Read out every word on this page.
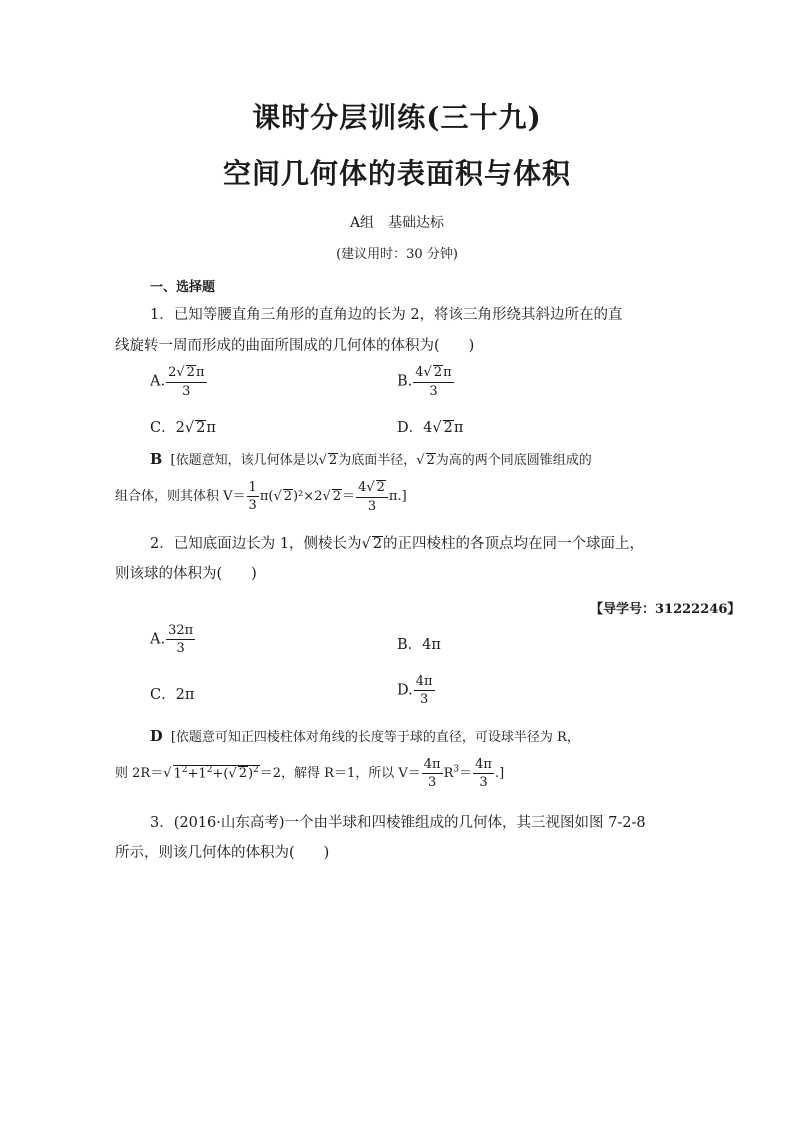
课时分层训练(三十九)
空间几何体的表面积与体积
A组　基础达标
(建议用时：30 分钟)
一、选择题
1．已知等腰直角三角形的直角边的长为 2，将该三角形绕其斜边所在的直
线旋转一周而形成的曲面所围成的几何体的体积为(　　)
A. $\frac{2√ 2\pi}{3}$	B. $\frac{4√ 2\pi}{3}$
C．2√ 2π	D．4√ 2π
B [依题意知，该几何体是以√ 2为底面半径，√ 2为高的两个同底圆锥组成的
组合体，则其体积 $V= \frac{1}{3} \pi(√$ 2)²×2√ $2= \frac{4√ 2}{3} \pi$.]
2．已知底面边长为 1，侧棱长为√ 2的正四棱柱的各顶点均在同一个球面上，
则该球的体积为(　　)
【导学号：31222246】
A. $\frac{32\pi}{3}$	B．4π
C．2π	D. $\frac{4\pi}{3}$
D [依题意可知正四棱柱体对角线的长度等于球的直径，可设球半径为 R，
则 2R＝√ $1^2+1^2+(√$ 2)$^2$＝2，解得 R＝1，所以 $V= \frac{4\pi}{3} R^3= \frac{4\pi}{3}$ .]
3．(2016·山东高考)一个由半球和四棱锥组成的几何体，其三视图如图 7-2-8
所示，则该几何体的体积为(　　)
